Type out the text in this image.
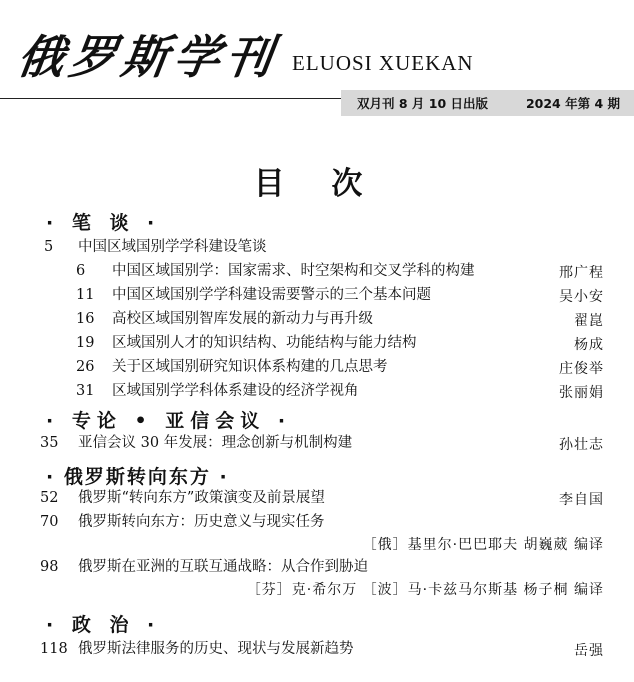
俄罗斯学刊 ELUOSI XUEKAN
双月刊 8 月 10 日出版	2024 年第 4 期
目 次
· 笔 谈 ·
5	中国区域国别学学科建设笔谈
6	中国区域国别学：国家需求、时空架构和交叉学科的构建	邢广程
11	中国区域国别学学科建设需要警示的三个基本问题	吴小安
16	高校区域国别智库发展的新动力与再升级	翟崑
19	区域国别人才的知识结构、功能结构与能力结构	杨成
26	关于区域国别研究知识体系构建的几点思考	庄俊举
31	区域国别学学科体系建设的经济学视角	张丽娟
· 专论 • 亚信会议 ·
35	亚信会议 30 年发展：理念创新与机制构建	孙壮志
· 俄罗斯转向东方 ·
52	俄罗斯“转向东方”政策演变及前景展望	李自国
70	俄罗斯转向东方：历史意义与现实任务
［俄］基里尔·巴巴耶夫 胡巍葳 编译
98	俄罗斯在亚洲的互联互通战略：从合作到胁迫
［芬］克·希尔万 ［波］马·卡兹马尔斯基 杨子桐 编译
· 政 治 ·
118 俄罗斯法律服务的历史、现状与发展新趋势	岳强
